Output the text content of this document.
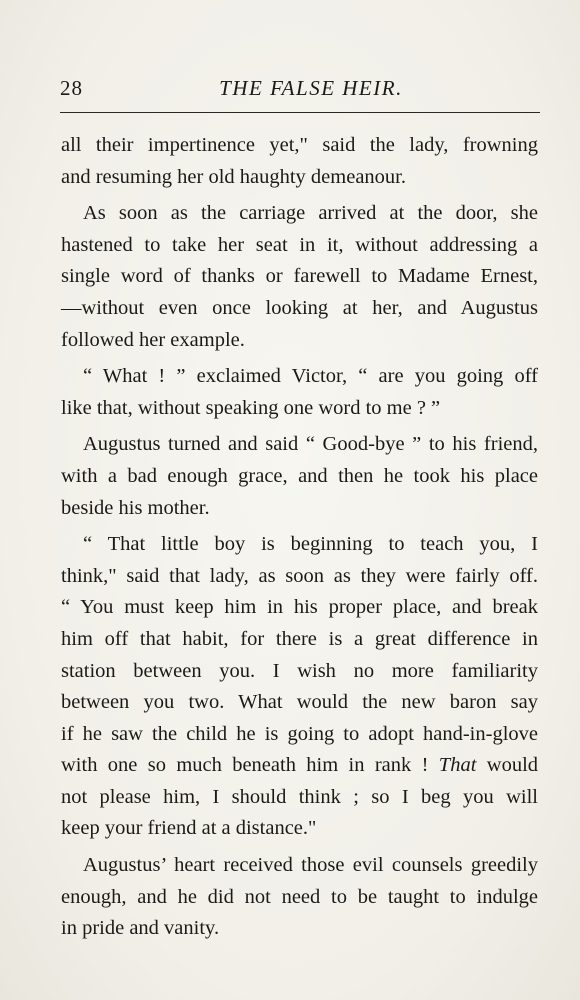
28	THE FALSE HEIR.
all their impertinence yet," said the lady, frowning
and resuming her old haughty demeanour.
As soon as the carriage arrived at the door, she
hastened to take her seat in it, without addressing a
single word of thanks or farewell to Madame Ernest,
—without even once looking at her, and Augustus
followed her example.
“ What ! ” exclaimed Victor, “ are you going off
like that, without speaking one word to me ? ”
Augustus turned and said “ Good-bye ” to his friend,
with a bad enough grace, and then he took his place
beside his mother.
“ That little boy is beginning to teach you, I
think," said that lady, as soon as they were fairly off.
“ You must keep him in his proper place, and break
him off that habit, for there is a great difference in
station between you. I wish no more familiarity
between you two. What would the new baron say
if he saw the child he is going to adopt hand-in-glove
with one so much beneath him in rank ! That would
not please him, I should think ; so I beg you will
keep your friend at a distance."
Augustus’ heart received those evil counsels greedily
enough, and he did not need to be taught to indulge
in pride and vanity.
